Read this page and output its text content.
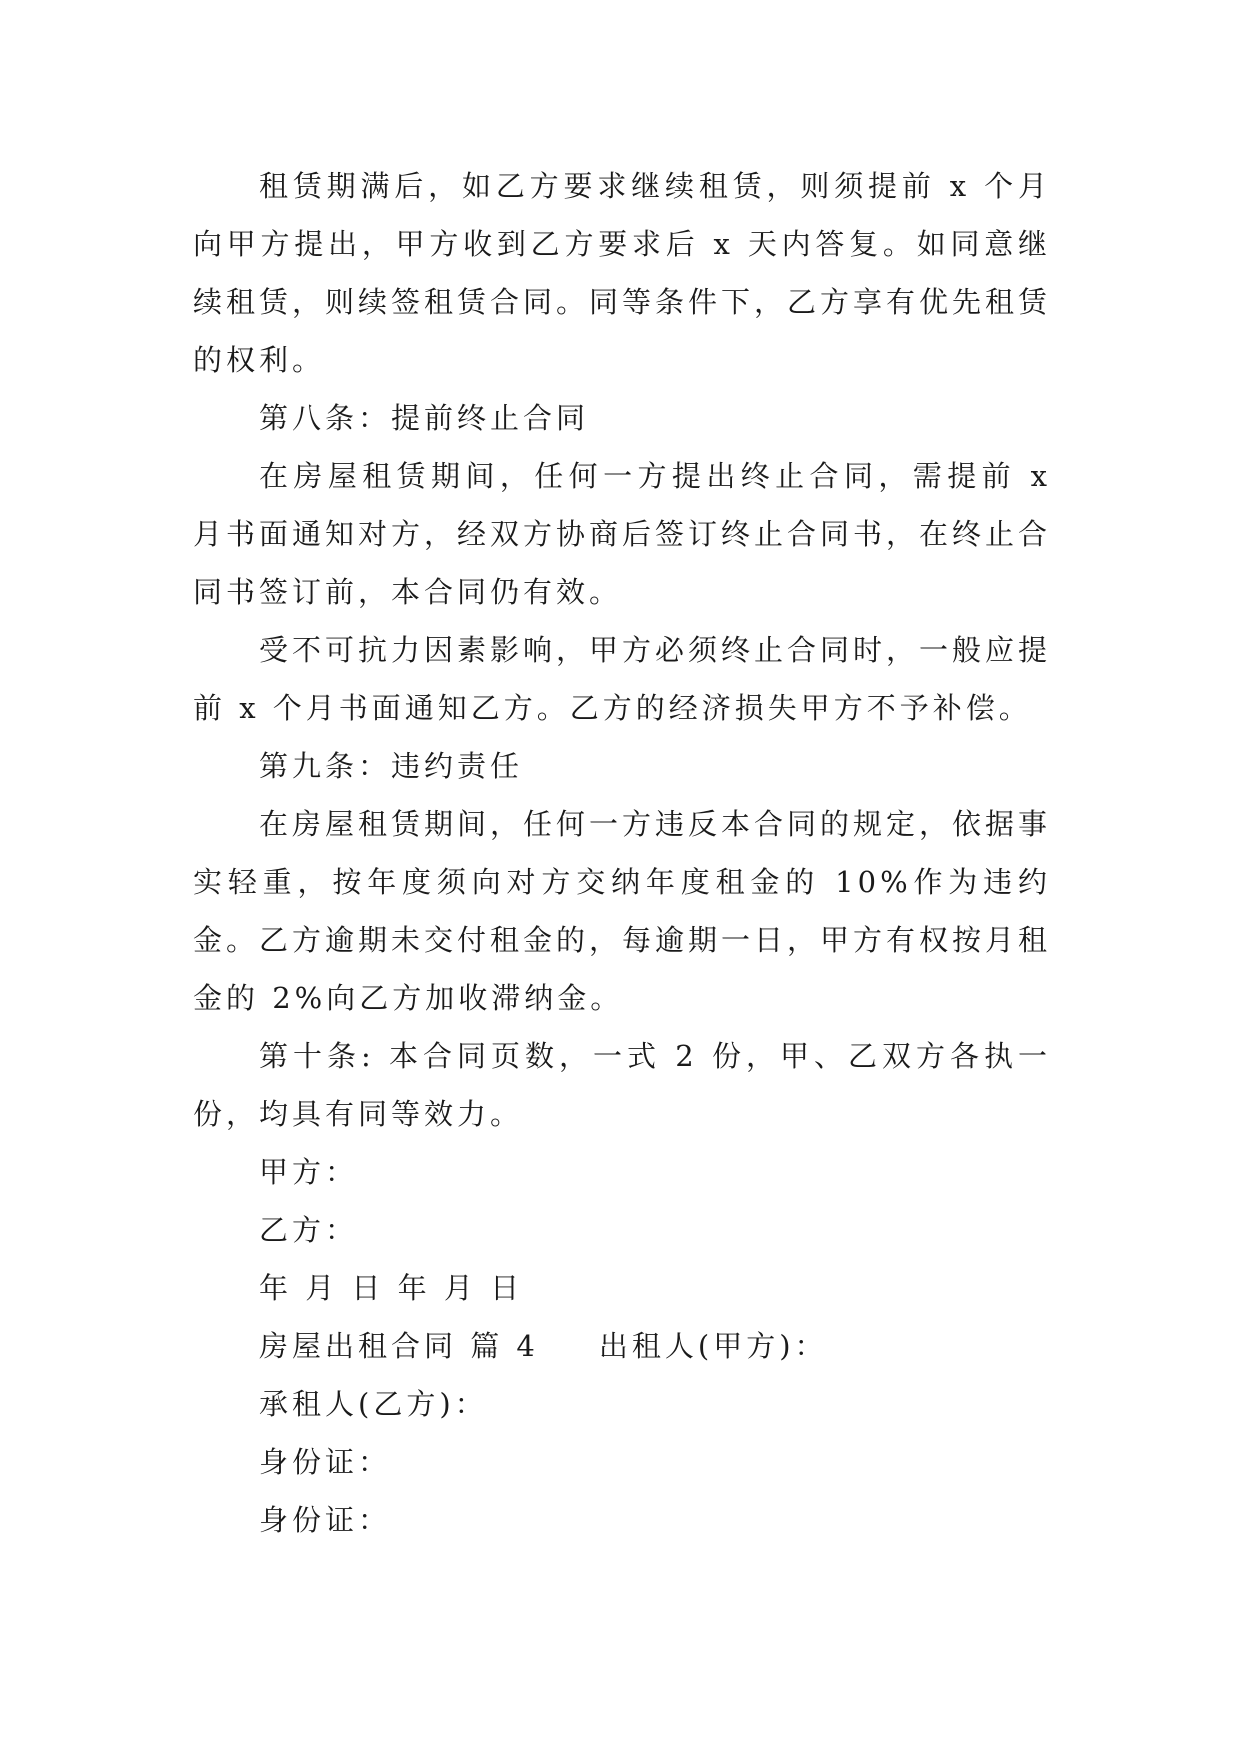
租赁期满后，如乙方要求继续租赁，则须提前 x 个月向甲方提出，甲方收到乙方要求后 x 天内答复。如同意继续租赁，则续签租赁合同。同等条件下，乙方享有优先租赁的权利。

第八条：提前终止合同

在房屋租赁期间，任何一方提出终止合同，需提前 x 月书面通知对方，经双方协商后签订终止合同书，在终止合同书签订前，本合同仍有效。

受不可抗力因素影响，甲方必须终止合同时，一般应提前 x 个月书面通知乙方。乙方的经济损失甲方不予补偿。

第九条：违约责任

在房屋租赁期间，任何一方违反本合同的规定，依据事实轻重，按年度须向对方交纳年度租金的 10%作为违约金。乙方逾期未交付租金的，每逾期一日，甲方有权按月租金的 2%向乙方加收滞纳金。

第十条: 本合同页数，一式 2 份，甲、乙双方各执一份，均具有同等效力。

甲方：

乙方：

年 月 日 年 月 日

房屋出租合同 篇 4 出租人(甲方)：

承租人(乙方)：

身份证：

身份证：
